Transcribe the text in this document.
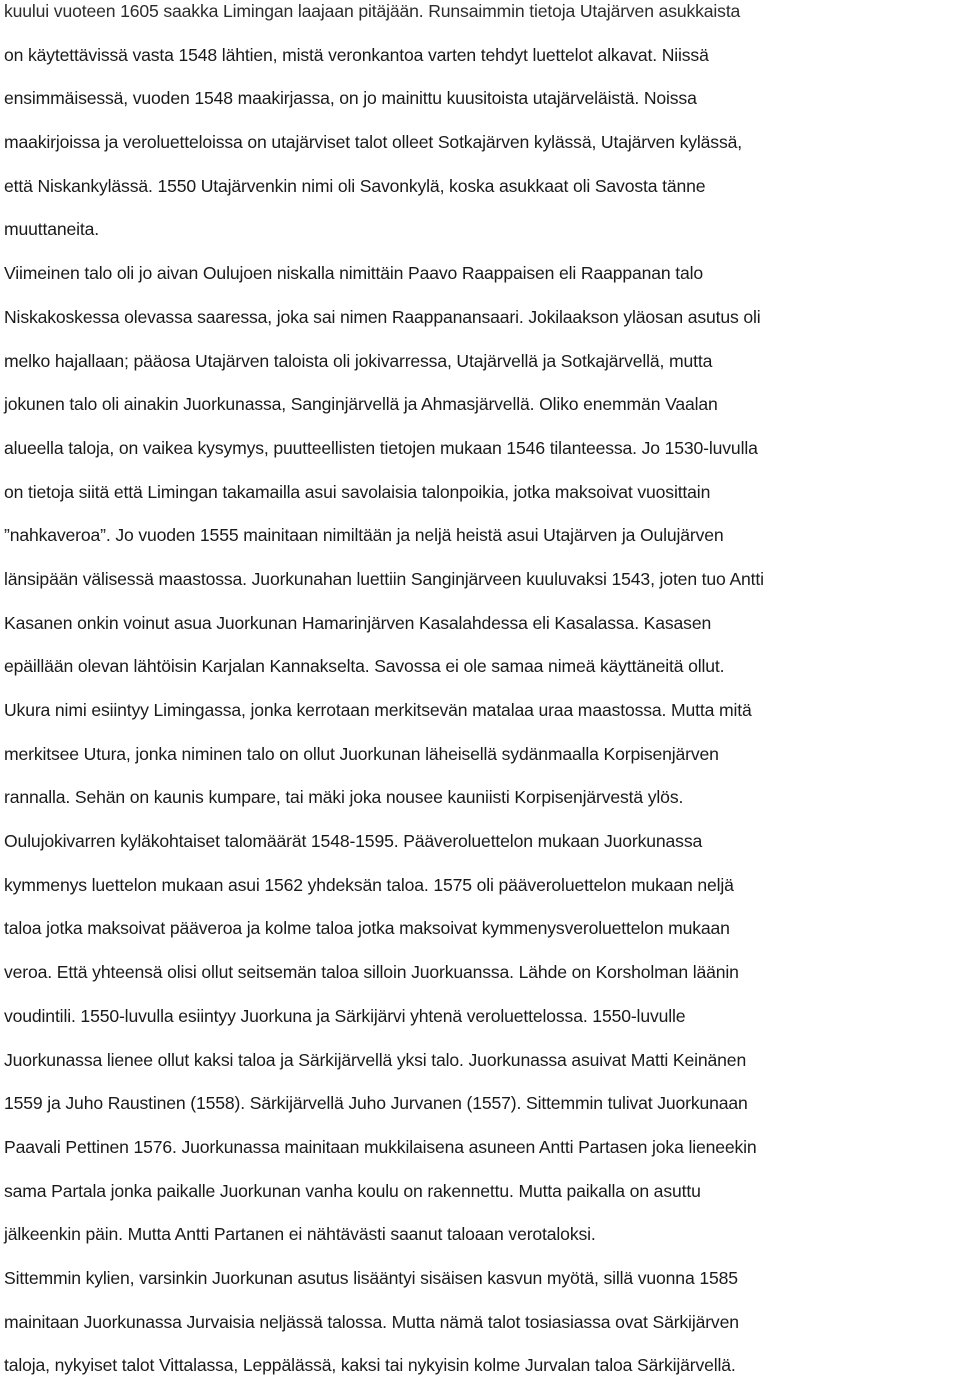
kuului vuoteen 1605 saakka Limingan laajaan pitäjään. Runsaimmin tietoja Utajärven asukkaista
on käytettävissä vasta 1548 lähtien, mistä veronkantoa varten tehdyt luettelot alkavat. Niissä
ensimmäisessä, vuoden 1548 maakirjassa, on jo mainittu kuusitoista utajärveläistä. Noissa
maakirjoissa ja veroluetteloissa on utajärviset talot olleet Sotkajärven kylässä, Utajärven kylässä,
että Niskankylässä. 1550 Utajärvenkin nimi oli Savonkylä, koska asukkaat oli Savosta tänne
muuttaneita.
Viimeinen talo oli jo aivan Oulujoen niskalla nimittäin Paavo Raappaisen eli Raappanan talo
Niskakoskessa olevassa saaressa, joka sai nimen Raappanansaari. Jokilaakson yläosan asutus oli
melko hajallaan; pääosa Utajärven taloista oli jokivarressa, Utajärvellä ja Sotkajärvellä, mutta
jokunen talo oli ainakin Juorkunassa, Sanginjärvellä ja Ahmasjärvellä. Oliko enemmän Vaalan
alueella taloja, on vaikea kysymys, puutteellisten tietojen mukaan 1546 tilanteessa. Jo 1530-luvulla
on tietoja siitä että Limingan takamailla asui savolaisia talonpoikia, jotka maksoivat vuosittain
”nahkaveroa”. Jo vuoden 1555 mainitaan nimiltään ja neljä heistä asui Utajärven ja Oulujärven
länsipään välisessä maastossa. Juorkunahan luettiin Sanginjärveen kuuluvaksi 1543, joten tuo Antti
Kasanen onkin voinut asua Juorkunan Hamarinjärven Kasalahdessa eli Kasalassa. Kasasen
epäillään olevan lähtöisin Karjalan Kannakselta. Savossa ei ole samaa nimeä käyttäneitä ollut.
Ukura nimi esiintyy Limingassa, jonka kerrotaan merkitsevän matalaa uraa maastossa. Mutta mitä
merkitsee Utura, jonka niminen talo on ollut Juorkunan läheisellä sydänmaalla Korpisenjärven
rannalla. Sehän on kaunis kumpare, tai mäki joka nousee kauniisti Korpisenjärvestä ylös.
Oulujokivarren kyläkohtaiset talomäärät 1548-1595. Pääveroluettelon mukaan Juorkunassa
kymmenys luettelon mukaan asui 1562 yhdeksän taloa. 1575 oli pääveroluettelon mukaan neljä
taloa jotka maksoivat pääveroa ja kolme taloa jotka maksoivat kymmenysveroluettelon mukaan
veroa. Että yhteensä olisi ollut seitsemän taloa silloin Juorkuanssa. Lähde on Korsholman läänin
voudintili. 1550-luvulla esiintyy Juorkuna ja Särkijärvi yhtenä veroluettelossa. 1550-luvulle
Juorkunassa lienee ollut kaksi taloa ja Särkijärvellä yksi talo. Juorkunassa asuivat Matti Keinänen
1559 ja Juho Raustinen (1558). Särkijärvellä Juho Jurvanen (1557). Sittemmin tulivat Juorkunaan
Paavali Pettinen 1576. Juorkunassa mainitaan mukkilaisena asuneen Antti Partasen joka lieneekin
sama Partala jonka paikalle Juorkunan vanha koulu on rakennettu. Mutta paikalla on asuttu
jälkeenkin päin. Mutta Antti Partanen ei nähtävästi saanut taloaan verotaloksi.
Sittemmin kylien, varsinkin Juorkunan asutus lisääntyi sisäisen kasvun myötä, sillä vuonna 1585
mainitaan Juorkunassa Jurvaisia neljässä talossa. Mutta nämä talot tosiasiassa ovat Särkijärven
taloja, nykyiset talot Vittalassa, Leppälässä, kaksi tai nykyisin kolme Jurvalan taloa Särkijärvellä.
